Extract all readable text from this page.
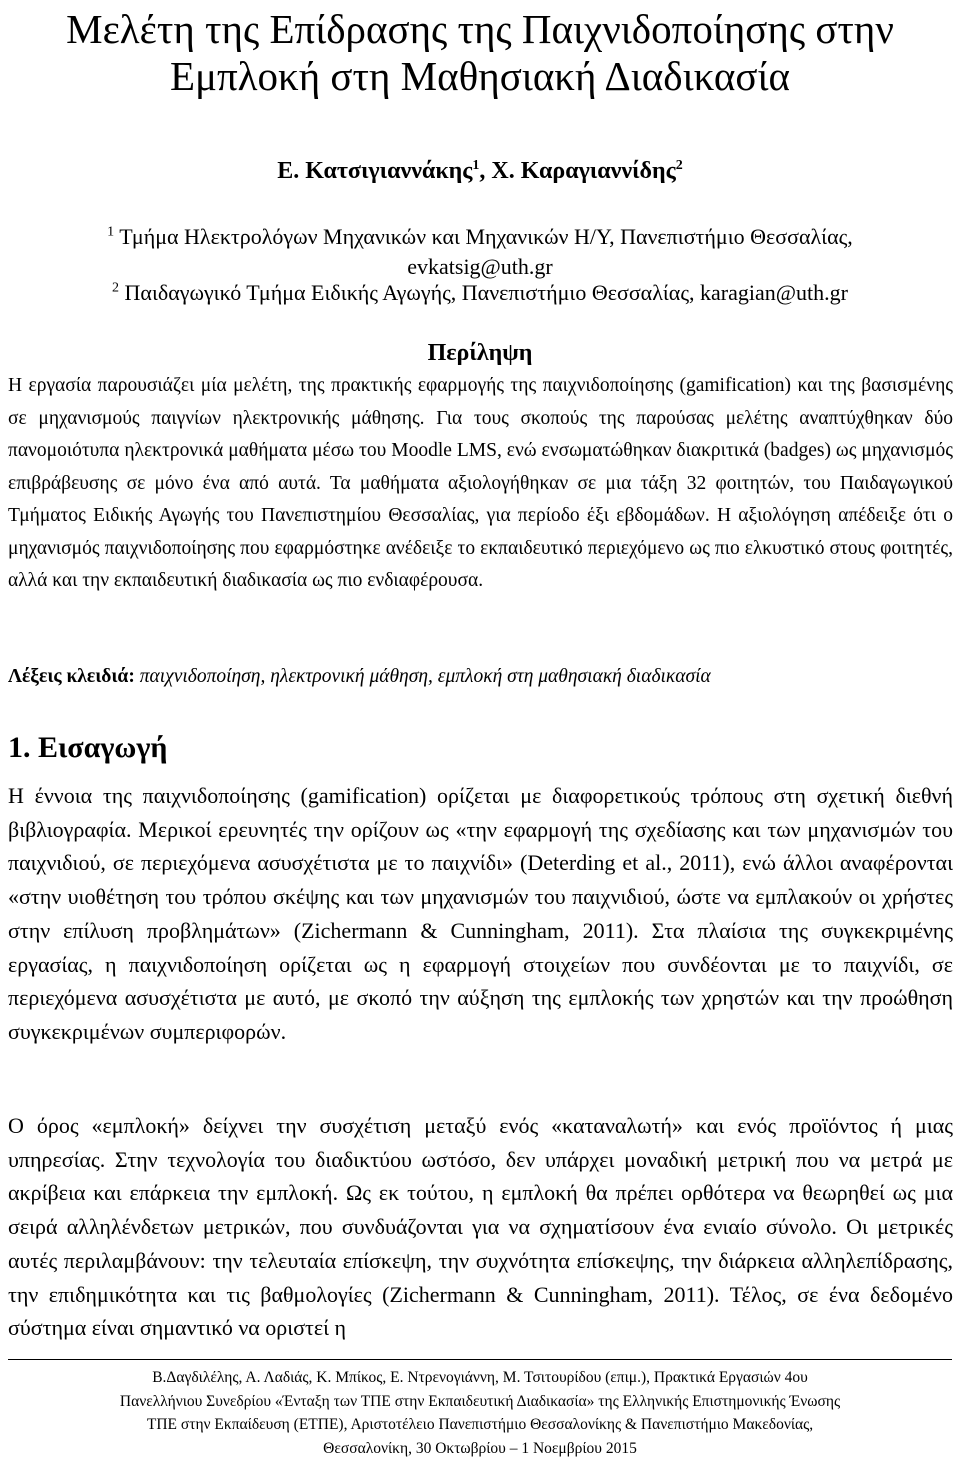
Μελέτη της Επίδρασης της Παιχνιδοποίησης στην
Εμπλοκή στη Μαθησιακή Διαδικασία
Ε. Κατσιγιαννάκης$^1$, Χ. Καραγιαννίδης$^2$
$^1$ Τμήμα Ηλεκτρολόγων Μηχανικών και Μηχανικών Η/Υ, Πανεπιστήμιο Θεσσαλίας,
evkatsig@uth.gr
$^2$ Παιδαγωγικό Τμήμα Ειδικής Αγωγής, Πανεπιστήμιο Θεσσαλίας, karagian@uth.gr
Περίληψη

Η εργασία παρουσιάζει μία μελέτη, της πρακτικής εφαρμογής της παιχνιδοποίησης (gamification) και της βασισμένης σε μηχανισμούς παιγνίων ηλεκτρονικής μάθησης. Για τους σκοπούς της παρούσας μελέτης αναπτύχθηκαν δύο πανομοιότυπα ηλεκτρονικά μαθήματα μέσω του Moodle LMS, ενώ ενσωματώθηκαν διακριτικά (badges) ως μηχανισμός επιβράβευσης σε μόνο ένα από αυτά. Τα μαθήματα αξιολογήθηκαν σε μια τάξη 32 φοιτητών, του Παιδαγωγικού Τμήματος Ειδικής Αγωγής του Πανεπιστημίου Θεσσαλίας, για περίοδο έξι εβδομάδων. Η αξιολόγηση απέδειξε ότι ο μηχανισμός παιχνιδοποίησης που εφαρμόστηκε ανέδειξε το εκπαιδευτικό περιεχόμενο ως πιο ελκυστικό στους φοιτητές, αλλά και την εκπαιδευτική διαδικασία ως πιο ενδιαφέρουσα.

Λέξεις κλειδιά: παιχνιδοποίηση, ηλεκτρονική μάθηση, εμπλοκή στη μαθησιακή διαδικασία
1. Εισαγωγή

Η έννοια της παιχνιδοποίησης (gamification) ορίζεται με διαφορετικούς τρόπους στη σχετική διεθνή βιβλιογραφία. Μερικοί ερευνητές την ορίζουν ως «την εφαρμογή της σχεδίασης και των μηχανισμών του παιχνιδιού, σε περιεχόμενα ασυσχέτιστα με το παιχνίδι» (Deterding et al., 2011), ενώ άλλοι αναφέρονται «στην υιοθέτηση του τρόπου σκέψης και των μηχανισμών του παιχνιδιού, ώστε να εμπλακούν οι χρήστες στην επίλυση προβλημάτων» (Zichermann & Cunningham, 2011). Στα πλαίσια της συγκεκριμένης εργασίας, η παιχνιδοποίηση ορίζεται ως η εφαρμογή στοιχείων που συνδέονται με το παιχνίδι, σε περιεχόμενα ασυσχέτιστα με αυτό, με σκοπό την αύξηση της εμπλοκής των χρηστών και την προώθηση συγκεκριμένων συμπεριφορών.

Ο όρος «εμπλοκή» δείχνει την συσχέτιση μεταξύ ενός «καταναλωτή» και ενός προϊόντος ή μιας υπηρεσίας. Στην τεχνολογία του διαδικτύου ωστόσο, δεν υπάρχει μοναδική μετρική που να μετρά με ακρίβεια και επάρκεια την εμπλοκή. Ως εκ τούτου, η εμπλοκή θα πρέπει ορθότερα να θεωρηθεί ως μια σειρά αλληλένδετων μετρικών, που συνδυάζονται για να σχηματίσουν ένα ενιαίο σύνολο. Οι μετρικές αυτές περιλαμβάνουν: την τελευταία επίσκεψη, την συχνότητα επίσκεψης, την διάρκεια αλληλεπίδρασης, την επιδημικότητα και τις βαθμολογίες (Zichermann & Cunningham, 2011). Τέλος, σε ένα δεδομένο σύστημα είναι σημαντικό να οριστεί η

Β.Δαγδιλέλης, Α. Λαδιάς, Κ. Μπίκος, Ε. Ντρενογιάννη, Μ. Τσιτουρίδου (επιμ.), Πρακτικά Εργασιών 4ου
Πανελλήνιου Συνεδρίου «Ένταξη των ΤΠΕ στην Εκπαιδευτική Διαδικασία» της Ελληνικής Επιστημονικής Ένωσης
ΤΠΕ στην Εκπαίδευση (ΕΤΠΕ), Αριστοτέλειο Πανεπιστήμιο Θεσσαλονίκης & Πανεπιστήμιο Μακεδονίας,
Θεσσαλονίκη, 30 Οκτωβρίου – 1 Νοεμβρίου 2015
